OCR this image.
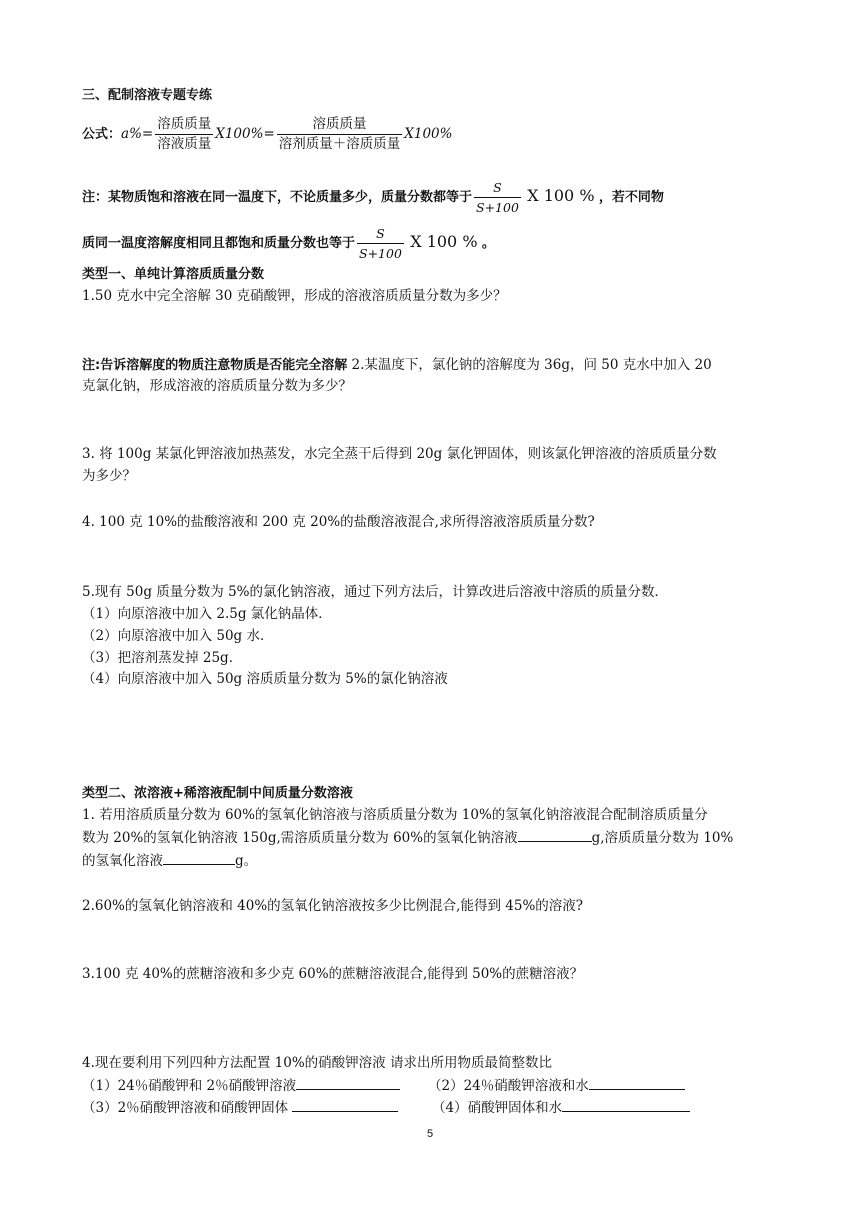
三、配制溶液专题专练
公式：$a\%= \frac{\text{溶质质量}}{\text{溶液质量}} X100\%= \frac{\text{溶质质量}}{\text{溶剂质量＋溶质质量}} X100\%$
注：某物质饱和溶液在同一温度下，不论质量多少，质量分数都等于 $\frac{S}{S+100}$ X 100 % ，若不同物
质同一温度溶解度相同且都饱和质量分数也等于 $\frac{S}{S+100}$ X 100 % 。
类型一、单纯计算溶质质量分数
1.50 克水中完全溶解 30 克硝酸钾，形成的溶液溶质质量分数为多少？
注:告诉溶解度的物质注意物质是否能完全溶解 2.某温度下，氯化钠的溶解度为 36g，问 50 克水中加入 20
克氯化钠，形成溶液的溶质质量分数为多少？
3. 将 100g 某氯化钾溶液加热蒸发，水完全蒸干后得到 20g 氯化钾固体，则该氯化钾溶液的溶质质量分数
为多少？
4. 100 克 10%的盐酸溶液和 200 克 20%的盐酸溶液混合,求所得溶液溶质质量分数?
5.现有 50g 质量分数为 5%的氯化钠溶液，通过下列方法后，计算改进后溶液中溶质的质量分数．
（1）向原溶液中加入 2.5g 氯化钠晶体．
（2）向原溶液中加入 50g 水．
（3）把溶剂蒸发掉 25g．
（4）向原溶液中加入 50g 溶质质量分数为 5%的氯化钠溶液
类型二、浓溶液+稀溶液配制中间质量分数溶液
1. 若用溶质质量分数为 60%的氢氧化钠溶液与溶质质量分数为 10%的氢氧化钠溶液混合配制溶质质量分
数为 20%的氢氧化钠溶液 150g,需溶质质量分数为 60%的氢氧化钠溶液	g,溶质质量分数为 10%
的氢氧化溶液	g。
2.60%的氢氧化钠溶液和 40%的氢氧化钠溶液按多少比例混合,能得到 45%的溶液?
3.100 克 40%的蔗糖溶液和多少克 60%的蔗糖溶液混合,能得到 50%的蔗糖溶液？
4.现在要利用下列四种方法配置 10%的硝酸钾溶液 请求出所用物质最简整数比
（1）24％硝酸钾和 2％硝酸钾溶液	（2）24％硝酸钾溶液和水
（3）2％硝酸钾溶液和硝酸钾固体	（4）硝酸钾固体和水
5
